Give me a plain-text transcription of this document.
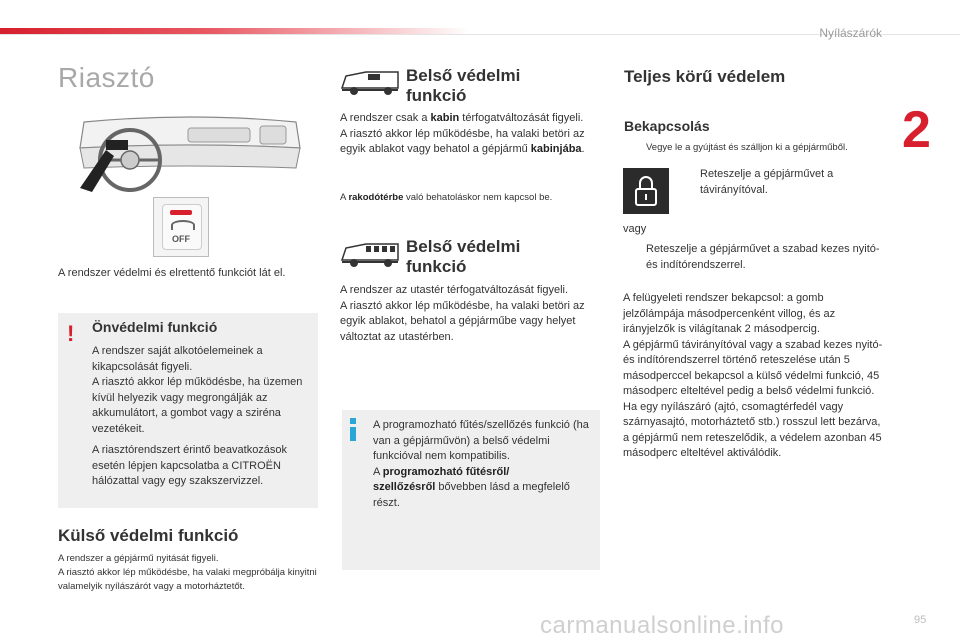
Nyílászárók
2
Riasztó
OFF

A rendszer védelmi és elrettentő funkciót lát el.

! Önvédelmi funkció

A rendszer saját alkotóelemeinek a kikapcsolását figyeli.
A riasztó akkor lép működésbe, ha üzemen kívül helyezik vagy megrongálják az akkumulátort, a gombot vagy a sziréna vezetékeit.

A riasztórendszert érintő beavatkozások esetén lépjen kapcsolatba a CITROËN hálózattal vagy egy szakszervizzel.

Külső védelmi funkció

A rendszer a gépjármű nyitását figyeli.
A riasztó akkor lép működésbe, ha valaki megpróbálja kinyitni valamelyik nyílászárót vagy a motorháztetőt.

Belső védelmi
funkció

A rendszer csak a kabin térfogatváltozását figyeli.
A riasztó akkor lép működésbe, ha valaki betöri az egyik ablakot vagy behatol a gépjármű kabinjába.

A rakodótérbe való behatoláskor nem kapcsol be.

Belső védelmi
funkció

A rendszer az utastér térfogatváltozását figyeli.
A riasztó akkor lép működésbe, ha valaki betöri az egyik ablakot, behatol a gépjárműbe vagy helyet változtat az utastérben.

A programozható fűtés/szellőzés funkció (ha van a gépjárművön) a belső védelmi funkcióval nem kompatibilis.
A programozható fűtésről/
szellőzésről bővebben lásd a megfelelő részt.

Teljes körű védelem
Bekapcsolás

Vegye le a gyújtást és szálljon ki a gépjárműből.

Reteszelje a gépjárművet a távirányítóval.

vagy

Reteszelje a gépjárművet a szabad kezes nyitó- és indítórendszerrel.

A felügyeleti rendszer bekapcsol: a gomb jelzőlámpája másodpercenként villog, és az irányjelzők is világítanak 2 másodpercig.
A gépjármű távirányítóval vagy a szabad kezes nyitó- és indítórendszerrel történő reteszelése után 5 másodperccel bekapcsol a külső védelmi funkció, 45 másodperc elteltével pedig a belső védelmi funkció.
Ha egy nyílászáró (ajtó, csomagtérfedél vagy szárnyasajtó, motorháztető stb.) rosszul lett bezárva, a gépjármű nem reteszelődik, a védelem azonban 45 másodperc elteltével aktiválódik.

carmanualsonline.info	95
